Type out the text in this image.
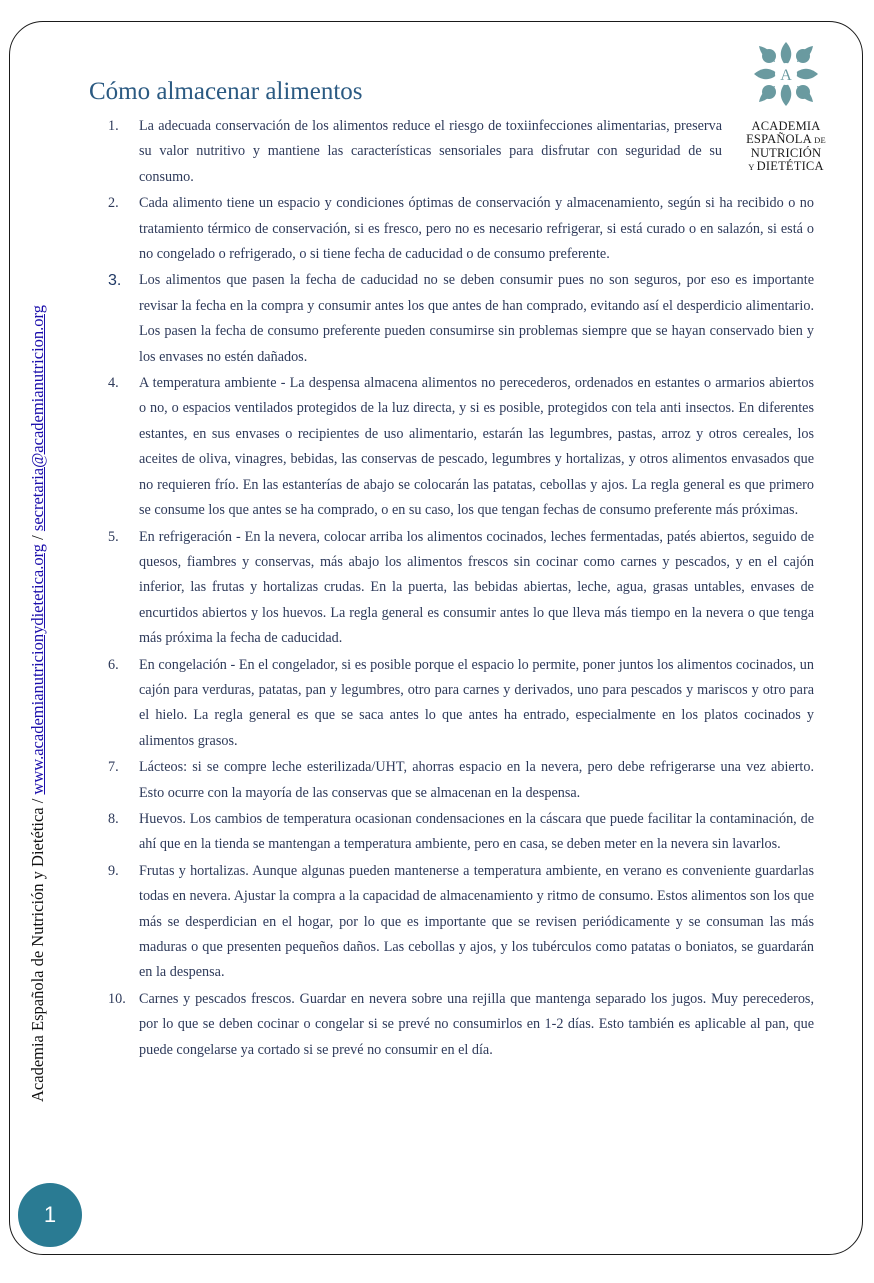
Academia Española de Nutrición y Dietética / www.academianutricionydietetica.org / secretaria@academianutricion.org
A
ACADEMIA
ESPAÑOLA DE
NUTRICIÓN
Y DIETÉTICA
Cómo almacenar alimentos
1.	La adecuada conservación de los alimentos reduce el riesgo de toxiinfecciones alimentarias, preserva su valor nutritivo y mantiene las características sensoriales para disfrutar con seguridad de su consumo.
2.	Cada alimento tiene un espacio y condiciones óptimas de conservación y almacenamiento, según si ha recibido o no tratamiento térmico de conservación, si es fresco, pero no es necesario refrigerar, si está curado o en salazón, si está o no congelado o refrigerado, o si tiene fecha de caducidad o de consumo preferente.
3.	Los alimentos que pasen la fecha de caducidad no se deben consumir pues no son seguros, por eso es importante revisar la fecha en la compra y consumir antes los que antes de han comprado, evitando así el desperdicio alimentario. Los pasen la fecha de consumo preferente pueden consumirse sin problemas siempre que se hayan conservado bien y los envases no estén dañados.
4.	A temperatura ambiente - La despensa almacena alimentos no perecederos, ordenados en estantes o armarios abiertos o no, o espacios ventilados protegidos de la luz directa, y si es posible, protegidos con tela anti insectos. En diferentes estantes, en sus envases o recipientes de uso alimentario, estarán las legumbres, pastas, arroz y otros cereales, los aceites de oliva, vinagres, bebidas, las conservas de pescado, legumbres y hortalizas, y otros alimentos envasados que no requieren frío. En las estanterías de abajo se colocarán las patatas, cebollas y ajos. La regla general es que primero se consume los que antes se ha comprado, o en su caso, los que tengan fechas de consumo preferente más próximas.
5.	En refrigeración - En la nevera, colocar arriba los alimentos cocinados, leches fermentadas, patés abiertos, seguido de quesos, fiambres y conservas, más abajo los alimentos frescos sin cocinar como carnes y pescados, y en el cajón inferior, las frutas y hortalizas crudas. En la puerta, las bebidas abiertas, leche, agua, grasas untables, envases de encurtidos abiertos y los huevos. La regla general es consumir antes lo que lleva más tiempo en la nevera o que tenga más próxima la fecha de caducidad.
6.	En congelación - En el congelador, si es posible porque el espacio lo permite, poner juntos los alimentos cocinados, un cajón para verduras, patatas, pan y legumbres, otro para carnes y derivados, uno para pescados y mariscos y otro para el hielo. La regla general es que se saca antes lo que antes ha entrado, especialmente en los platos cocinados y alimentos grasos.
7.	Lácteos: si se compre leche esterilizada/UHT, ahorras espacio en la nevera, pero debe refrigerarse una vez abierto. Esto ocurre con la mayoría de las conservas que se almacenan en la despensa.
8.	Huevos. Los cambios de temperatura ocasionan condensaciones en la cáscara que puede facilitar la contaminación, de ahí que en la tienda se mantengan a temperatura ambiente, pero en casa, se deben meter en la nevera sin lavarlos.
9.	Frutas y hortalizas. Aunque algunas pueden mantenerse a temperatura ambiente, en verano es conveniente guardarlas todas en nevera. Ajustar la compra a la capacidad de almacenamiento y ritmo de consumo. Estos alimentos son los que más se desperdician en el hogar, por lo que es importante que se revisen periódicamente y se consuman las más maduras o que presenten pequeños daños. Las cebollas y ajos, y los tubérculos como patatas o boniatos, se guardarán en la despensa.
10. Carnes y pescados frescos. Guardar en nevera sobre una rejilla que mantenga separado los jugos. Muy perecederos, por lo que se deben cocinar o congelar si se prevé no consumirlos en 1-2 días. Esto también es aplicable al pan, que puede congelarse ya cortado si se prevé no consumir en el día.
1
